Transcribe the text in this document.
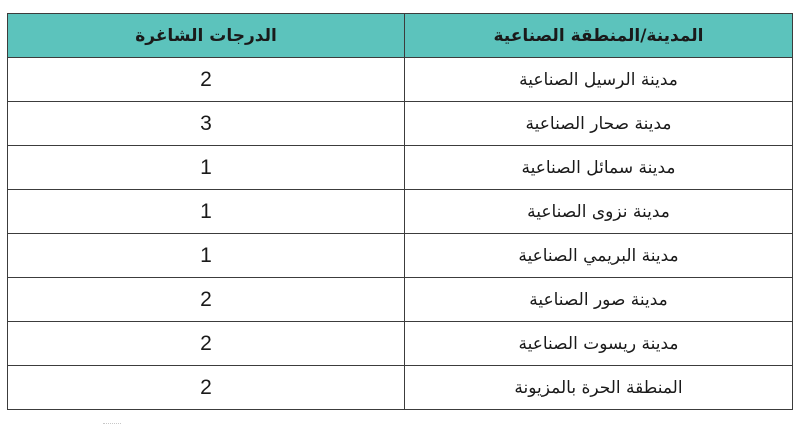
المدينة/المنطقة الصناعية	الدرجات الشاغرة
مدينة الرسيل الصناعية	2
مدينة صحار الصناعية	3
مدينة سمائل الصناعية	1
مدينة نزوى الصناعية	1
مدينة البريمي الصناعية	1
مدينة صور الصناعية	2
مدينة ريسوت الصناعية	2
المنطقة الحرة بالمزيونة	2
